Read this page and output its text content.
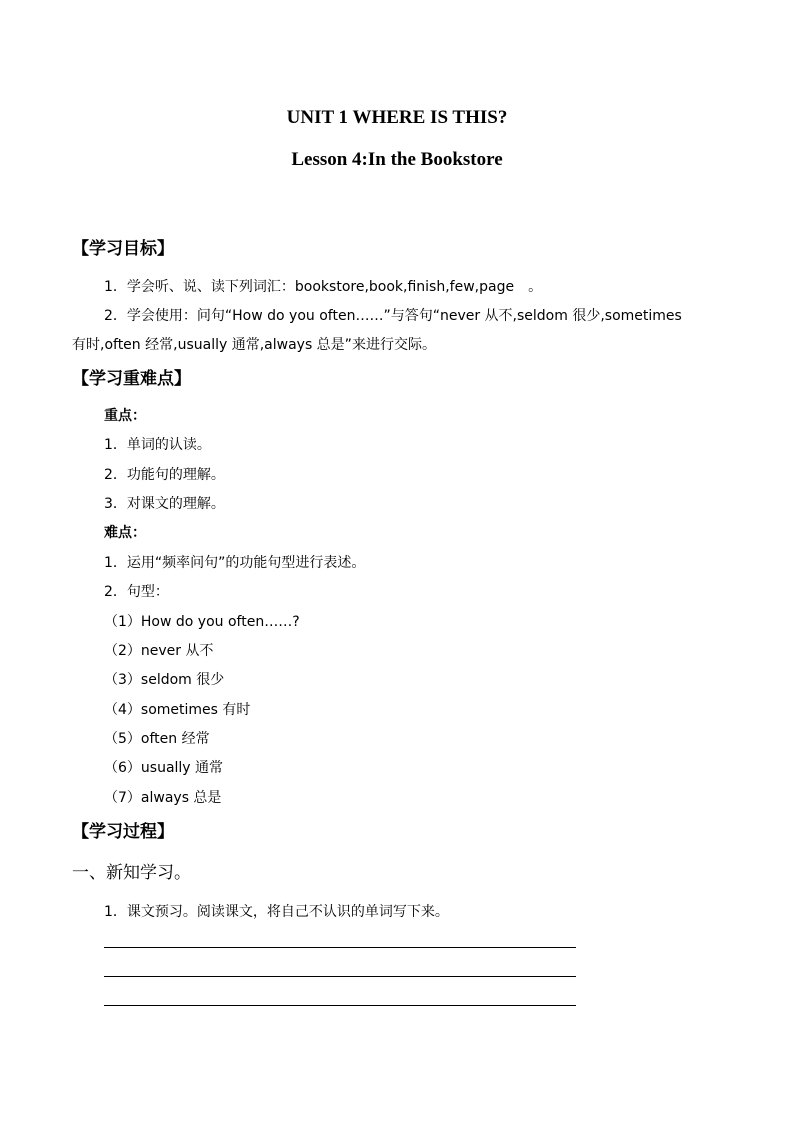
UNIT 1 WHERE IS THIS?
Lesson 4:In the Bookstore
【学习目标】
1．学会听、说、读下列词汇：bookstore,book,finish,few,page　。
2．学会使用：问句“How do you often……”与答句“never 从不,seldom 很少,sometimes
有时,often 经常,usually 通常,always 总是”来进行交际。
【学习重难点】
重点：
1．单词的认读。
2．功能句的理解。
3．对课文的理解。
难点：
1．运用“频率问句”的功能句型进行表述。
2．句型：
（1）How do you often……?
（2）never 从不
（3）seldom 很少
（4）sometimes 有时
（5）often 经常
（6）usually 通常
（7）always 总是
【学习过程】
一、新知学习。
1．课文预习。阅读课文，将自己不认识的单词写下来。
